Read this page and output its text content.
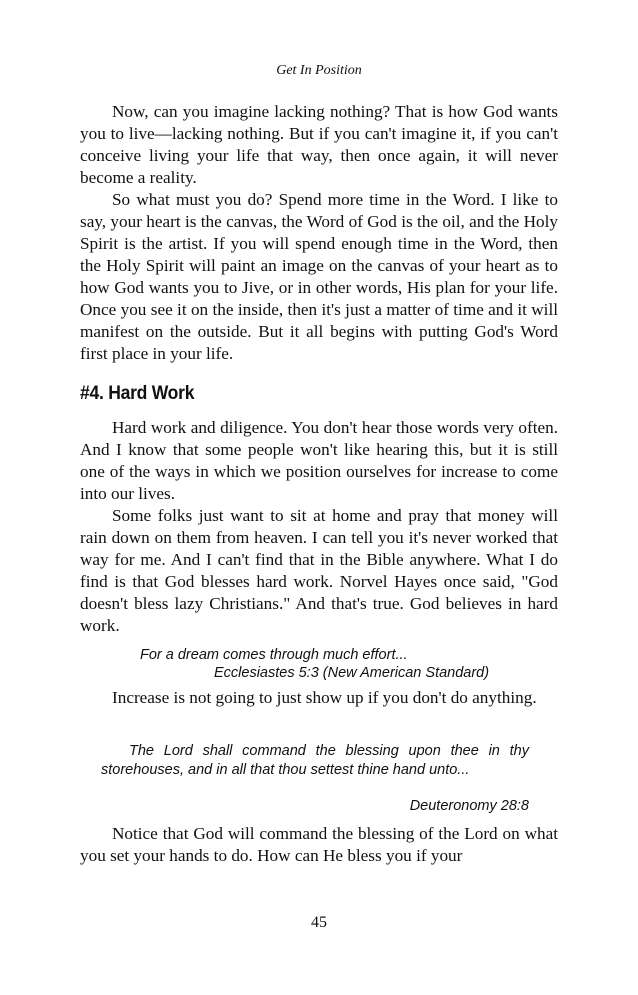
Get In Position

Now, can you imagine lacking nothing? That is how God wants you to live—lacking nothing. But if you can't imagine it, if you can't conceive living your life that way, then once again, it will never become a reality.

So what must you do? Spend more time in the Word. I like to say, your heart is the canvas, the Word of God is the oil, and the Holy Spirit is the artist. If you will spend enough time in the Word, then the Holy Spirit will paint an image on the canvas of your heart as to how God wants you to Jive, or in other words, His plan for your life. Once you see it on the inside, then it's just a matter of time and it will manifest on the outside. But it all begins with putting God's Word first place in your life.

#4. Hard Work

Hard work and diligence. You don't hear those words very often. And I know that some people won't like hearing this, but it is still one of the ways in which we position ourselves for increase to come into our lives.

Some folks just want to sit at home and pray that money will rain down on them from heaven. I can tell you it's never worked that way for me. And I can't find that in the Bible anywhere. What I do find is that God blesses hard work. Norvel Hayes once said, "God doesn't bless lazy Christians." And that's true. God believes in hard work.

For a dream comes through much effort...

Ecclesiastes 5:3 (New American Standard)

Increase is not going to just show up if you don't do anything.

The Lord shall command the blessing upon thee in thy storehouses, and in all that thou settest thine hand unto...

Deuteronomy 28:8

Notice that God will command the blessing of the Lord on what you set your hands to do. How can He bless you if your

45
